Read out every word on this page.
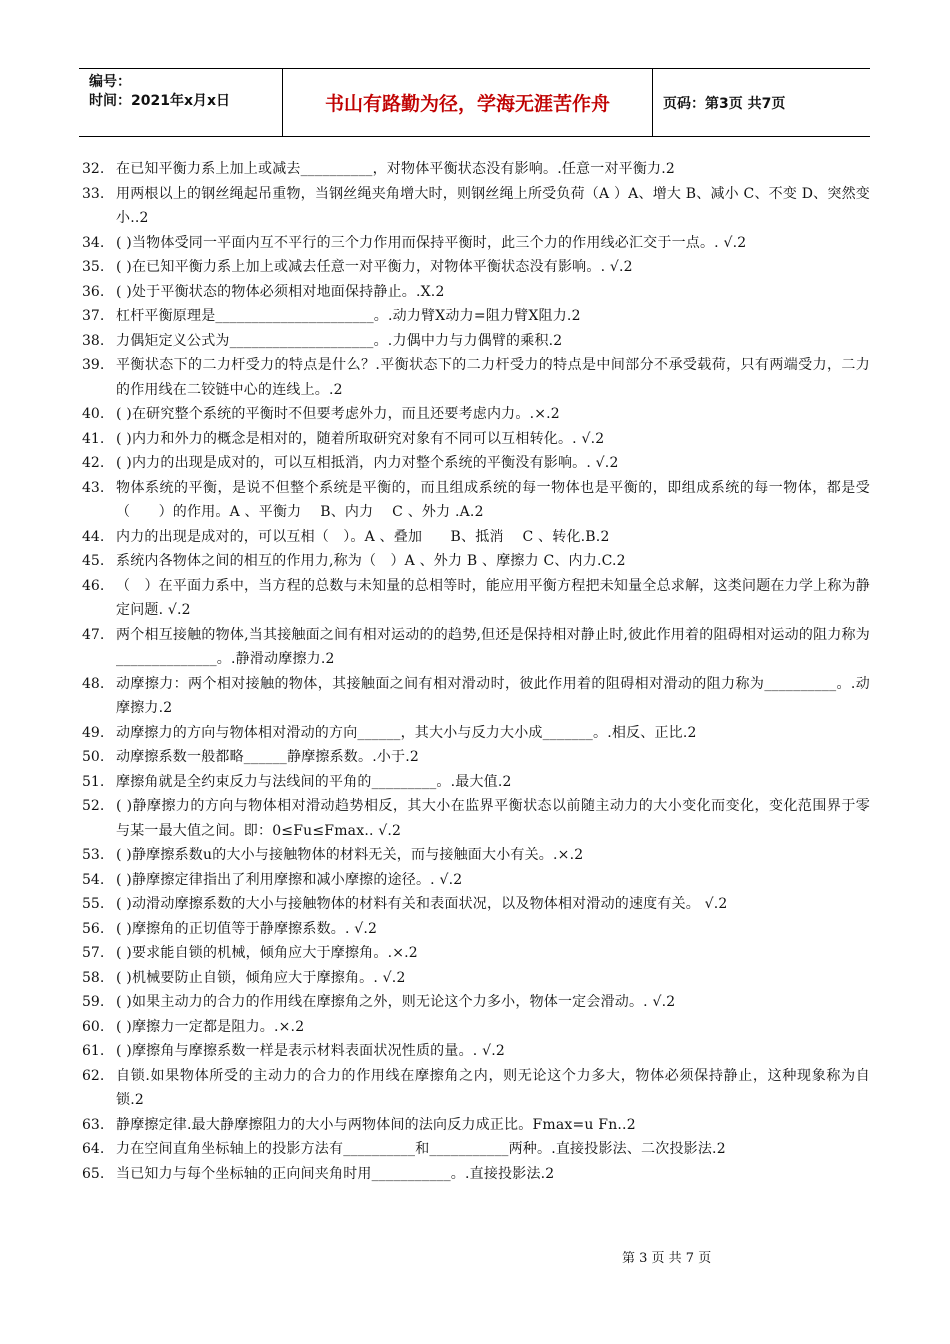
编号：
时间：2021年x月x日	书山有路勤为径，学海无涯苦作舟	页码：第3页 共7页
32. 在已知平衡力系上加上或减去__________，对物体平衡状态没有影响。.任意一对平衡力.2
33. 用两根以上的钢丝绳起吊重物，当钢丝绳夹角增大时，则钢丝绳上所受负荷（A ）A、增大 B、减小 C、不变 D、突然变小..2
34. ( )当物体受同一平面内互不平行的三个力作用而保持平衡时，此三个力的作用线必汇交于一点。. √.2
35. ( )在已知平衡力系上加上或减去任意一对平衡力，对物体平衡状态没有影响。. √.2
36. ( )处于平衡状态的物体必须相对地面保持静止。.X.2
37. 杠杆平衡原理是______________________。.动力臂X动力=阻力臂X阻力.2
38. 力偶矩定义公式为____________________。.力偶中力与力偶臂的乘积.2
39. 平衡状态下的二力杆受力的特点是什么？.平衡状态下的二力杆受力的特点是中间部分不承受载荷，只有两端受力，二力的作用线在二铰链中心的连线上。.2
40. ( )在研究整个系统的平衡时不但要考虑外力，而且还要考虑内力。.×.2
41. ( )内力和外力的概念是相对的，随着所取研究对象有不同可以互相转化。. √.2
42. ( )内力的出现是成对的，可以互相抵消，内力对整个系统的平衡没有影响。. √.2
43. 物体系统的平衡，是说不但整个系统是平衡的，而且组成系统的每一物体也是平衡的，即组成系统的每一物体，都是受（　　）的作用。A 、平衡力　 B、内力　 C 、外力 .A.2
44. 内力的出现是成对的，可以互相（　）。A 、叠加　　B、抵消　 C 、转化.B.2
45. 系统内各物体之间的相互的作用力,称为（　）A 、外力 B 、摩擦力 C、内力.C.2
46. （　）在平面力系中，当方程的总数与未知量的总相等时，能应用平衡方程把未知量全总求解，这类问题在力学上称为静定问题. √.2
47. 两个相互接触的物体,当其接触面之间有相对运动的的趋势,但还是保持相对静止时,彼此作用着的阻碍相对运动的阻力称为______________。.静滑动摩擦力.2
48. 动摩擦力：两个相对接触的物体，其接触面之间有相对滑动时，彼此作用着的阻碍相对滑动的阻力称为__________。.动摩擦力.2
49. 动摩擦力的方向与物体相对滑动的方向______，其大小与反力大小成_______。.相反、正比.2
50. 动摩擦系数一般都略______静摩擦系数。.小于.2
51. 摩擦角就是全约束反力与法线间的平角的_________。.最大值.2
52. ( )静摩擦力的方向与物体相对滑动趋势相反，其大小在监界平衡状态以前随主动力的大小变化而变化，变化范围界于零与某一最大值之间。即：0≤Fu≤Fmax.. √.2
53. ( )静摩擦系数u的大小与接触物体的材料无关，而与接触面大小有关。.×.2
54. ( )静摩擦定律指出了利用摩擦和减小摩擦的途径。. √.2
55. ( )动滑动摩擦系数的大小与接触物体的材料有关和表面状况，以及物体相对滑动的速度有关。 √.2
56. ( )摩擦角的正切值等于静摩擦系数。. √.2
57. ( )要求能自锁的机械，倾角应大于摩擦角。.×.2
58. ( )机械要防止自锁，倾角应大于摩擦角。. √.2
59. ( )如果主动力的合力的作用线在摩擦角之外，则无论这个力多小，物体一定会滑动。. √.2
60. ( )摩擦力一定都是阻力。.×.2
61. ( )摩擦角与摩擦系数一样是表示材料表面状况性质的量。. √.2
62. 自锁.如果物体所受的主动力的合力的作用线在摩擦角之内，则无论这个力多大，物体必须保持静止，这种现象称为自锁.2
63. 静摩擦定律.最大静摩擦阻力的大小与两物体间的法向反力成正比。Fmax=u Fn..2
64. 力在空间直角坐标轴上的投影方法有__________和___________两种。.直接投影法、二次投影法.2
65. 当已知力与每个坐标轴的正向间夹角时用___________。.直接投影法.2
第 3 页 共 7 页
